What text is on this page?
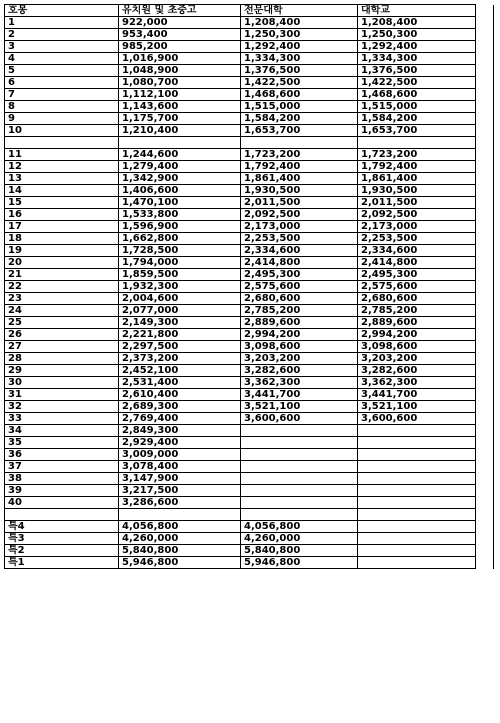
호봉	유치원 및 초중고	전문대학	대학교	
1	922,000	1,208,400	1,208,400	
2	953,400	1,250,300	1,250,300	
3	985,200	1,292,400	1,292,400	
4	1,016,900	1,334,300	1,334,300	
5	1,048,900	1,376,500	1,376,500	
6	1,080,700	1,422,500	1,422,500	
7	1,112,100	1,468,600	1,468,600	
8	1,143,600	1,515,000	1,515,000	
9	1,175,700	1,584,200	1,584,200	
10	1,210,400	1,653,700	1,653,700	

11	1,244,600	1,723,200	1,723,200	
12	1,279,400	1,792,400	1,792,400	
13	1,342,900	1,861,400	1,861,400	
14	1,406,600	1,930,500	1,930,500	
15	1,470,100	2,011,500	2,011,500	
16	1,533,800	2,092,500	2,092,500	
17	1,596,900	2,173,000	2,173,000	
18	1,662,800	2,253,500	2,253,500	
19	1,728,500	2,334,600	2,334,600	
20	1,794,000	2,414,800	2,414,800	
21	1,859,500	2,495,300	2,495,300	
22	1,932,300	2,575,600	2,575,600	
23	2,004,600	2,680,600	2,680,600	
24	2,077,000	2,785,200	2,785,200	
25	2,149,300	2,889,600	2,889,600	
26	2,221,800	2,994,200	2,994,200	
27	2,297,500	3,098,600	3,098,600	
28	2,373,200	3,203,200	3,203,200	
29	2,452,100	3,282,600	3,282,600	
30	2,531,400	3,362,300	3,362,300	
31	2,610,400	3,441,700	3,441,700	
32	2,689,300	3,521,100	3,521,100	
33	2,769,400	3,600,600	3,600,600	
34	2,849,300			
35	2,929,400			
36	3,009,000			
37	3,078,400			
38	3,147,900			
39	3,217,500			
40	3,286,600			

특4	4,056,800	4,056,800		
특3	4,260,000	4,260,000		
특2	5,840,800	5,840,800		
특1	5,946,800	5,946,800		
